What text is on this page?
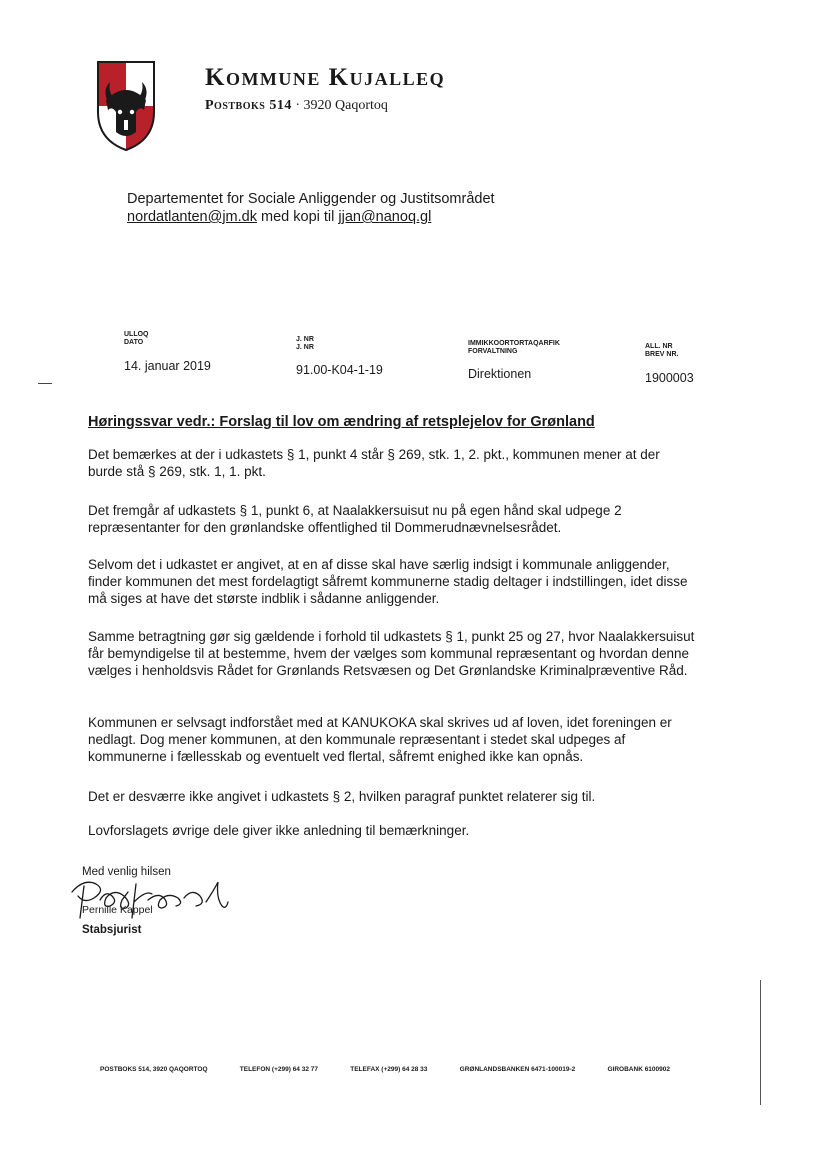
Kommune Kujalleq
Postboks 514 · 3920 Qaqortoq
Departementet for Sociale Anliggender og Justitsområdet
nordatlanten@jm.dk med kopi til jjan@nanoq.gl
ULLOQ
DATO
14. januar 2019
J. NR
J. NR
91.00-K04-1-19
IMMIKKOORTORTAQARFIK
FORVALTNING
Direktionen
ALL. NR
BREV NR.
1900003
Høringssvar vedr.: Forslag til lov om ændring af retsplejelov for Grønland
Det bemærkes at der i udkastets § 1, punkt 4 står § 269, stk. 1, 2. pkt., kommunen mener at der burde stå § 269, stk. 1, 1. pkt.
Det fremgår af udkastets § 1, punkt 6, at Naalakkersuisut nu på egen hånd skal udpege 2 repræsentanter for den grønlandske offentlighed til Dommerudnævnelsesrådet.
Selvom det i udkastet er angivet, at en af disse skal have særlig indsigt i kommunale anliggender, finder kommunen det mest fordelagtigt såfremt kommunerne stadig deltager i indstillingen, idet disse må siges at have det største indblik i sådanne anliggender.
Samme betragtning gør sig gældende i forhold til udkastets § 1, punkt 25 og 27, hvor Naalakkersuisut får bemyndigelse til at bestemme, hvem der vælges som kommunal repræsentant og hvordan denne vælges i henholdsvis Rådet for Grønlands Retsvæsen og Det Grønlandske Kriminalpræventive Råd.
Kommunen er selvsagt indforstået med at KANUKOKA skal skrives ud af loven, idet foreningen er nedlagt. Dog mener kommunen, at den kommunale repræsentant i stedet skal udpeges af kommunerne i fællesskab og eventuelt ved flertal, såfremt enighed ikke kan opnås.
Det er desværre ikke angivet i udkastets § 2, hvilken paragraf punktet relaterer sig til.
Lovforslagets øvrige dele giver ikke anledning til bemærkninger.
Med venlig hilsen
Pernille Kappel
Stabsjurist
POSTBOKS 514, 3920 QAQORTOQ	TELEFON (+299) 64 32 77	TELEFAX (+299) 64 28 33	GRØNLANDSBANKEN 6471-100019-2	GIROBANK 6100902
